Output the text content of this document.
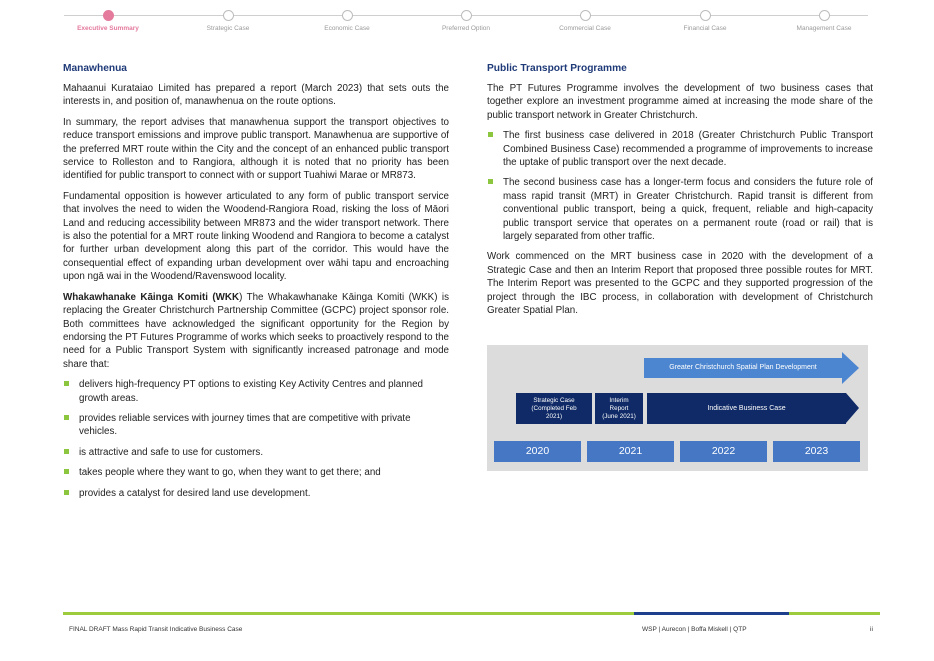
Executive Summary	Strategic Case	Economic Case	Preferred Option	Commercial Case	Financial Case	Management Case
Manawhenua

Mahaanui Kurataiao Limited has prepared a report (March 2023) that sets outs the interests in, and position of, manawhenua on the route options.

In summary, the report advises that manawhenua support the transport objectives to reduce transport emissions and improve public transport. Manawhenua are supportive of the preferred MRT route within the City and the concept of an enhanced public transport service to Rolleston and to Rangiora, although it is noted that no priority has been identified for public transport to connect with or support Tuahiwi Marae or MR873.

Fundamental opposition is however articulated to any form of public transport service that involves the need to widen the Woodend-Rangiora Road, risking the loss of Māori Land and reducing accessibility between MR873 and the wider transport network. There is also the potential for a MRT route linking Woodend and Rangiora to become a catalyst for further urban development along this part of the corridor. This would have the consequential effect of expanding urban development over wāhi tapu and encroaching upon ngā wai in the Woodend/Ravenswood locality.

Whakawhanake Kāinga Komiti (WKK) The Whakawhanake Kāinga Komiti (WKK) is replacing the Greater Christchurch Partnership Committee (GCPC) project sponsor role. Both committees have acknowledged the significant opportunity for the Region by endorsing the PT Futures Programme of works which seeks to proactively respond to the need for a Public Transport System with significantly increased patronage and mode share that:

delivers high-frequency PT options to existing Key Activity Centres and planned growth areas.
provides reliable services with journey times that are competitive with private vehicles.
is attractive and safe to use for customers.
takes people where they want to go, when they want to get there; and
provides a catalyst for desired land use development.
Public Transport Programme

The PT Futures Programme involves the development of two business cases that together explore an investment programme aimed at increasing the mode share of the public transport network in Greater Christchurch.

The first business case delivered in 2018 (Greater Christchurch Public Transport Combined Business Case) recommended a programme of improvements to increase the uptake of public transport over the next decade.
The second business case has a longer-term focus and considers the future role of mass rapid transit (MRT) in Greater Christchurch. Rapid transit is different from conventional public transport, being a quick, frequent, reliable and high-capacity public transport service that operates on a permanent route (road or rail) that is largely separated from other traffic.

Work commenced on the MRT business case in 2020 with the development of a Strategic Case and then an Interim Report that proposed three possible routes for MRT. The Interim Report was presented to the GCPC and they supported progression of the project through the IBC process, in collaboration with development of Christchurch Greater Spatial Plan.

Greater Christchurch Spatial Plan Development
Strategic Case
(Completed Feb
2021)
Interim
Report
(June 2021)
Indicative Business Case
2020	2021	2022	2023
FINAL DRAFT Mass Rapid Transit Indicative Business Case	WSP | Aurecon | Boffa Miskell | QTP	ii
